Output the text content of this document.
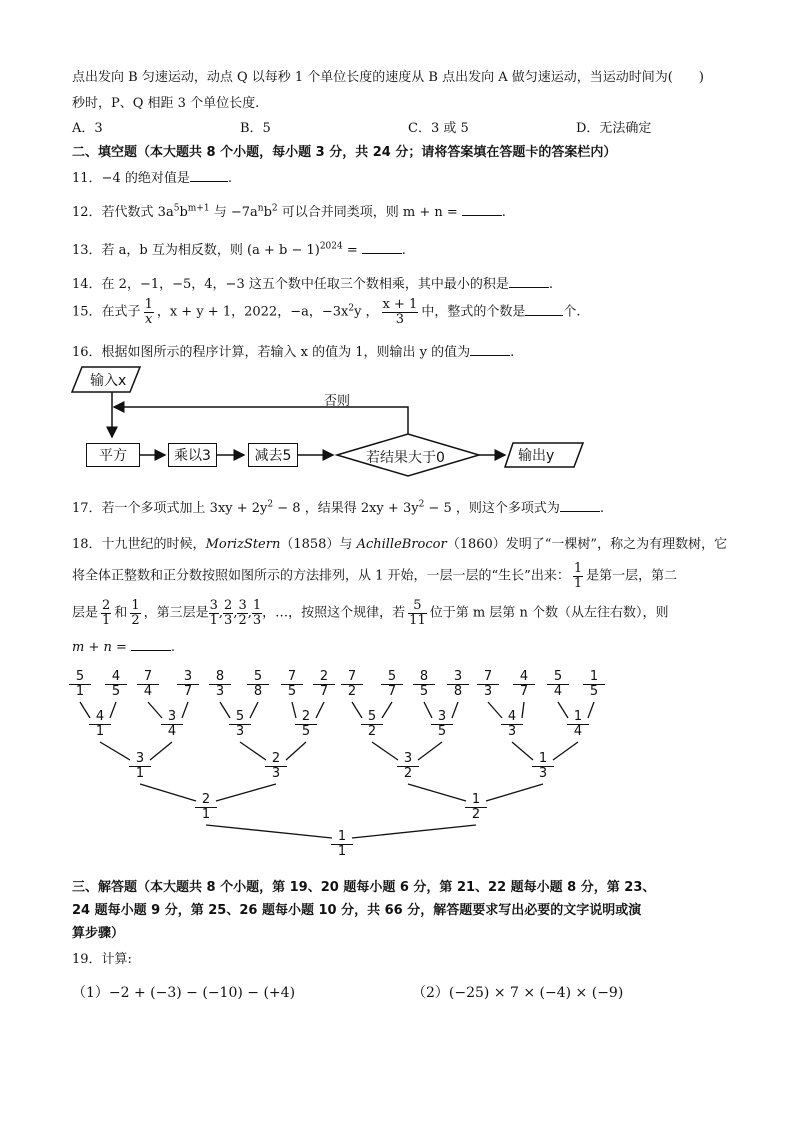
点出发向 B 匀速运动，动点 Q 以每秒 1 个单位长度的速度从 B 点出发向 A 做匀速运动，当运动时间为(　　)
秒时，P、Q 相距 3 个单位长度.
A．3	B．5	C．3 或 5	D．无法确定
二、填空题（本大题共 8 个小题，每小题 3 分，共 24 分；请将答案填在答题卡的答案栏内）
11．−4 的绝对值是	.
12．若代数式 $3a^5b^{m+1}$ 与 $-7a^nb^2$ 可以合并同类项，则 m + n =	.
13．若 a，b 互为相反数，则 $(a + b - 1)^{2024}$ =	.
14．在 2，−1，−5，4，−3 这五个数中任取三个数相乘，其中最小的积是	.
15．在式子 $\frac{1}{x}$ ，x + y + 1，2022，−a，$-3x^2y$ ， $\frac{x + 1}{3}$ 中，整式的个数是	个.
16．根据如图所示的程序计算，若输入 x 的值为 1，则输出 y 的值为	.
输入x
平方	乘以3	减去5	若结果大于0	输出y
否则
17．若一个多项式加上 $3xy + 2y^2 - 8$ ，结果得 $2xy + 3y^2 - 5$ ，则这个多项式为	.
18．十九世纪的时候，MorizStern（1858）与 AchilleBrocor（1860）发明了“一棵树”，称之为有理数树，它
将全体正整数和正分数按照如图所示的方法排列，从 1 开始，一层一层的“生长”出来： $\frac{1}{1}$ 是第一层，第二
层是 $\frac{2}{1}$ 和 $\frac{1}{2}$ ，第三层是 $\frac{3}{1}$ , $\frac{2}{3}$ , $\frac{3}{2}$ , $\frac{1}{3}$ ，…，按照这个规律，若 $\frac{5}{11}$ 位于第 m 层第 n 个数（从左往右数），则
m + n =	.
$\frac{5}{1} \frac{4}{5} \frac{7}{4} \frac{3}{7} \frac{8}{3} \frac{5}{8} \frac{7}{5} \frac{2}{7} \frac{7}{2} \frac{5}{7} \frac{8}{5} \frac{3}{8} \frac{7}{3} \frac{4}{7} \frac{5}{4} \frac{1}{5}$
$\frac{4}{1}$	$\frac{3}{4}$	$\frac{5}{3}$	$\frac{2}{5}$	$\frac{5}{2}$	$\frac{3}{5}$	$\frac{4}{3}$	$\frac{1}{4}$
$\frac{3}{1}$	$\frac{2}{3}$	$\frac{3}{2}$	$\frac{1}{3}$
$\frac{2}{1}$	$\frac{1}{2}$
$\frac{1}{1}$
三、解答题（本大题共 8 个小题，第 19、20 题每小题 6 分，第 21、22 题每小题 8 分，第 23、
24 题每小题 9 分，第 25、26 题每小题 10 分，共 66 分，解答题要求写出必要的文字说明或演
算步骤）
19．计算:
（1）−2 + (−3) − (−10) − (+4)	（2）(−25) × 7 × (−4) × (−9)
